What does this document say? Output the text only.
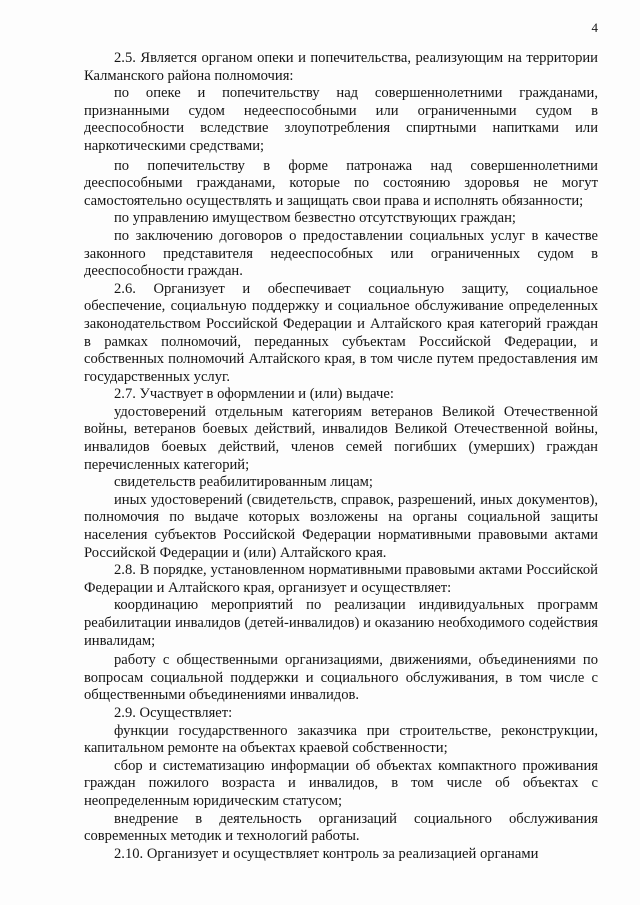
4

2.5. Является органом опеки и попечительства, реализующим на территории Калманского района полномочия:

по опеке и попечительству над совершеннолетними гражданами, признанными судом недееспособными или ограниченными судом в дееспособности вследствие злоупотребления спиртными напитками или наркотическими средствами;

по попечительству в форме патронажа над совершеннолетними дееспособными гражданами, которые по состоянию здоровья не могут самостоятельно осуществлять и защищать свои права и исполнять обязанности;

по управлению имуществом безвестно отсутствующих граждан;

по заключению договоров о предоставлении социальных услуг в качестве законного представителя недееспособных или ограниченных судом в дееспособности граждан.

2.6. Организует и обеспечивает социальную защиту, социальное обеспечение, социальную поддержку и социальное обслуживание определенных законодательством Российской Федерации и Алтайского края категорий граждан в рамках полномочий, переданных субъектам Российской Федерации, и собственных полномочий Алтайского края, в том числе путем предоставления им государственных услуг.

2.7. Участвует в оформлении и (или) выдаче:

удостоверений отдельным категориям ветеранов Великой Отечественной войны, ветеранов боевых действий, инвалидов Великой Отечественной войны, инвалидов боевых действий, членов семей погибших (умерших) граждан перечисленных категорий;

свидетельств реабилитированным лицам;

иных удостоверений (свидетельств, справок, разрешений, иных документов), полномочия по выдаче которых возложены на органы социальной защиты населения субъектов Российской Федерации нормативными правовыми актами Российской Федерации и (или) Алтайского края.

2.8. В порядке, установленном нормативными правовыми актами Российской Федерации и Алтайского края, организует и осуществляет:

координацию мероприятий по реализации индивидуальных программ реабилитации инвалидов (детей-инвалидов) и оказанию необходимого содействия инвалидам;

работу с общественными организациями, движениями, объединениями по вопросам социальной поддержки и социального обслуживания, в том числе с общественными объединениями инвалидов.

2.9. Осуществляет:

функции государственного заказчика при строительстве, реконструкции, капитальном ремонте на объектах краевой собственности;

сбор и систематизацию информации об объектах компактного проживания граждан пожилого возраста и инвалидов, в том числе об объектах с неопределенным юридическим статусом;

внедрение в деятельность организаций социального обслуживания современных методик и технологий работы.

2.10. Организует и осуществляет контроль за реализацией органами
